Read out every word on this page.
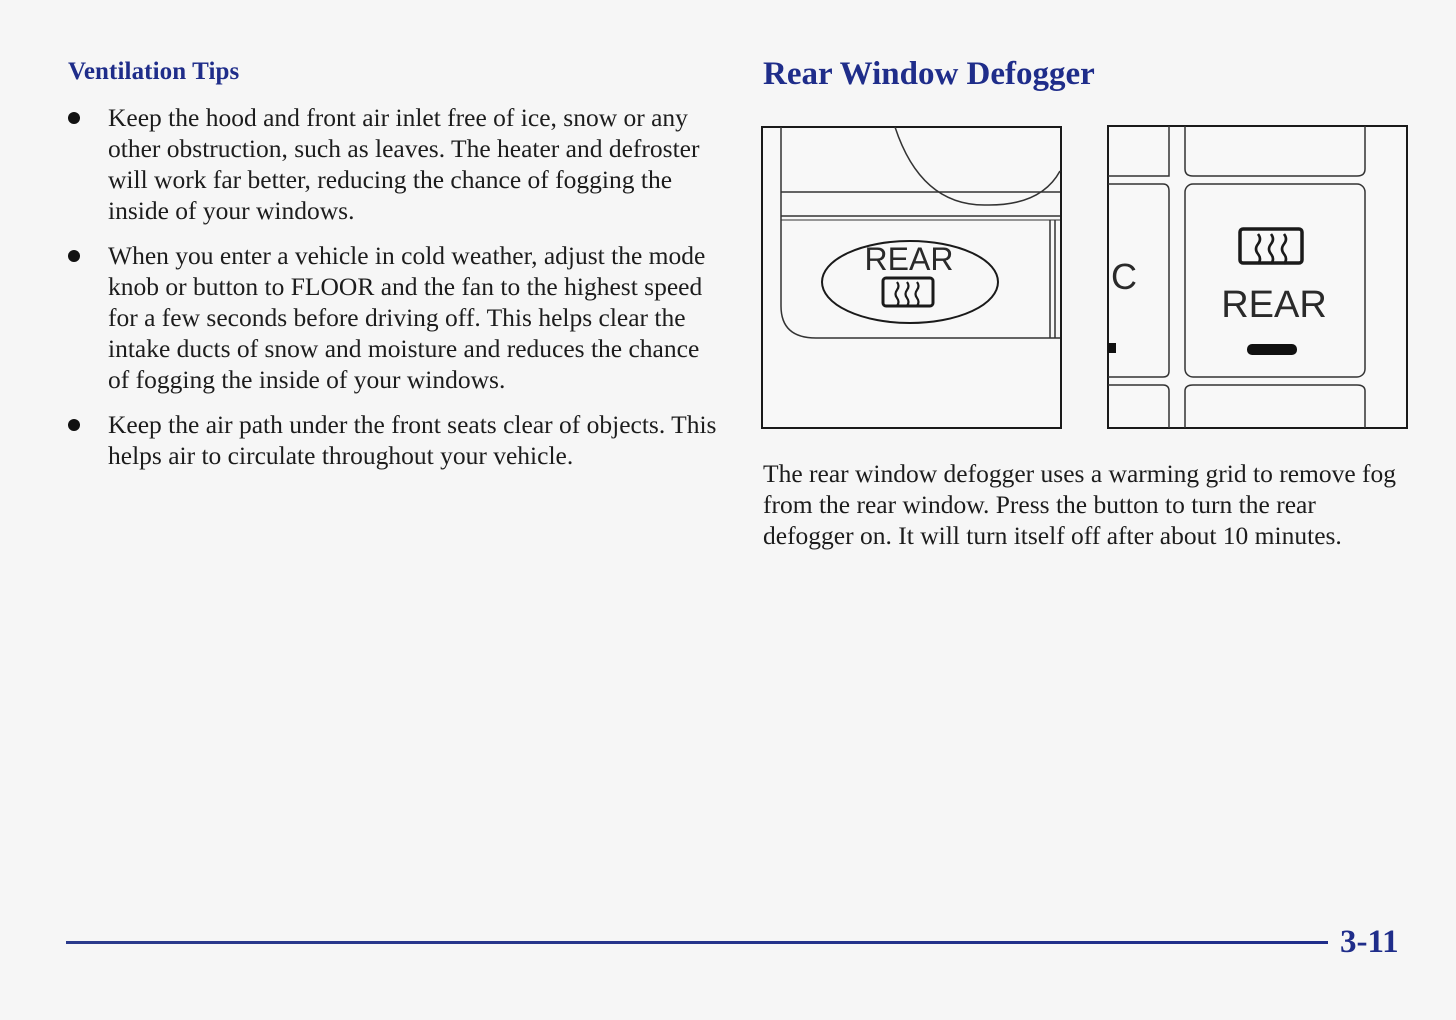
Ventilation Tips
Keep the hood and front air inlet free of ice, snow or any other obstruction, such as leaves. The heater and defroster will work far better, reducing the chance of fogging the inside of your windows.
When you enter a vehicle in cold weather, adjust the mode knob or button to FLOOR and the fan to the highest speed for a few seconds before driving off. This helps clear the intake ducts of snow and moisture and reduces the chance of fogging the inside of your windows.
Keep the air path under the front seats clear of objects. This helps air to circulate throughout your vehicle.
Rear Window Defogger
REAR	C
REAR

The rear window defogger uses a warming grid to remove fog from the rear window. Press the button to turn the rear defogger on. It will turn itself off after about 10 minutes.

3-11
